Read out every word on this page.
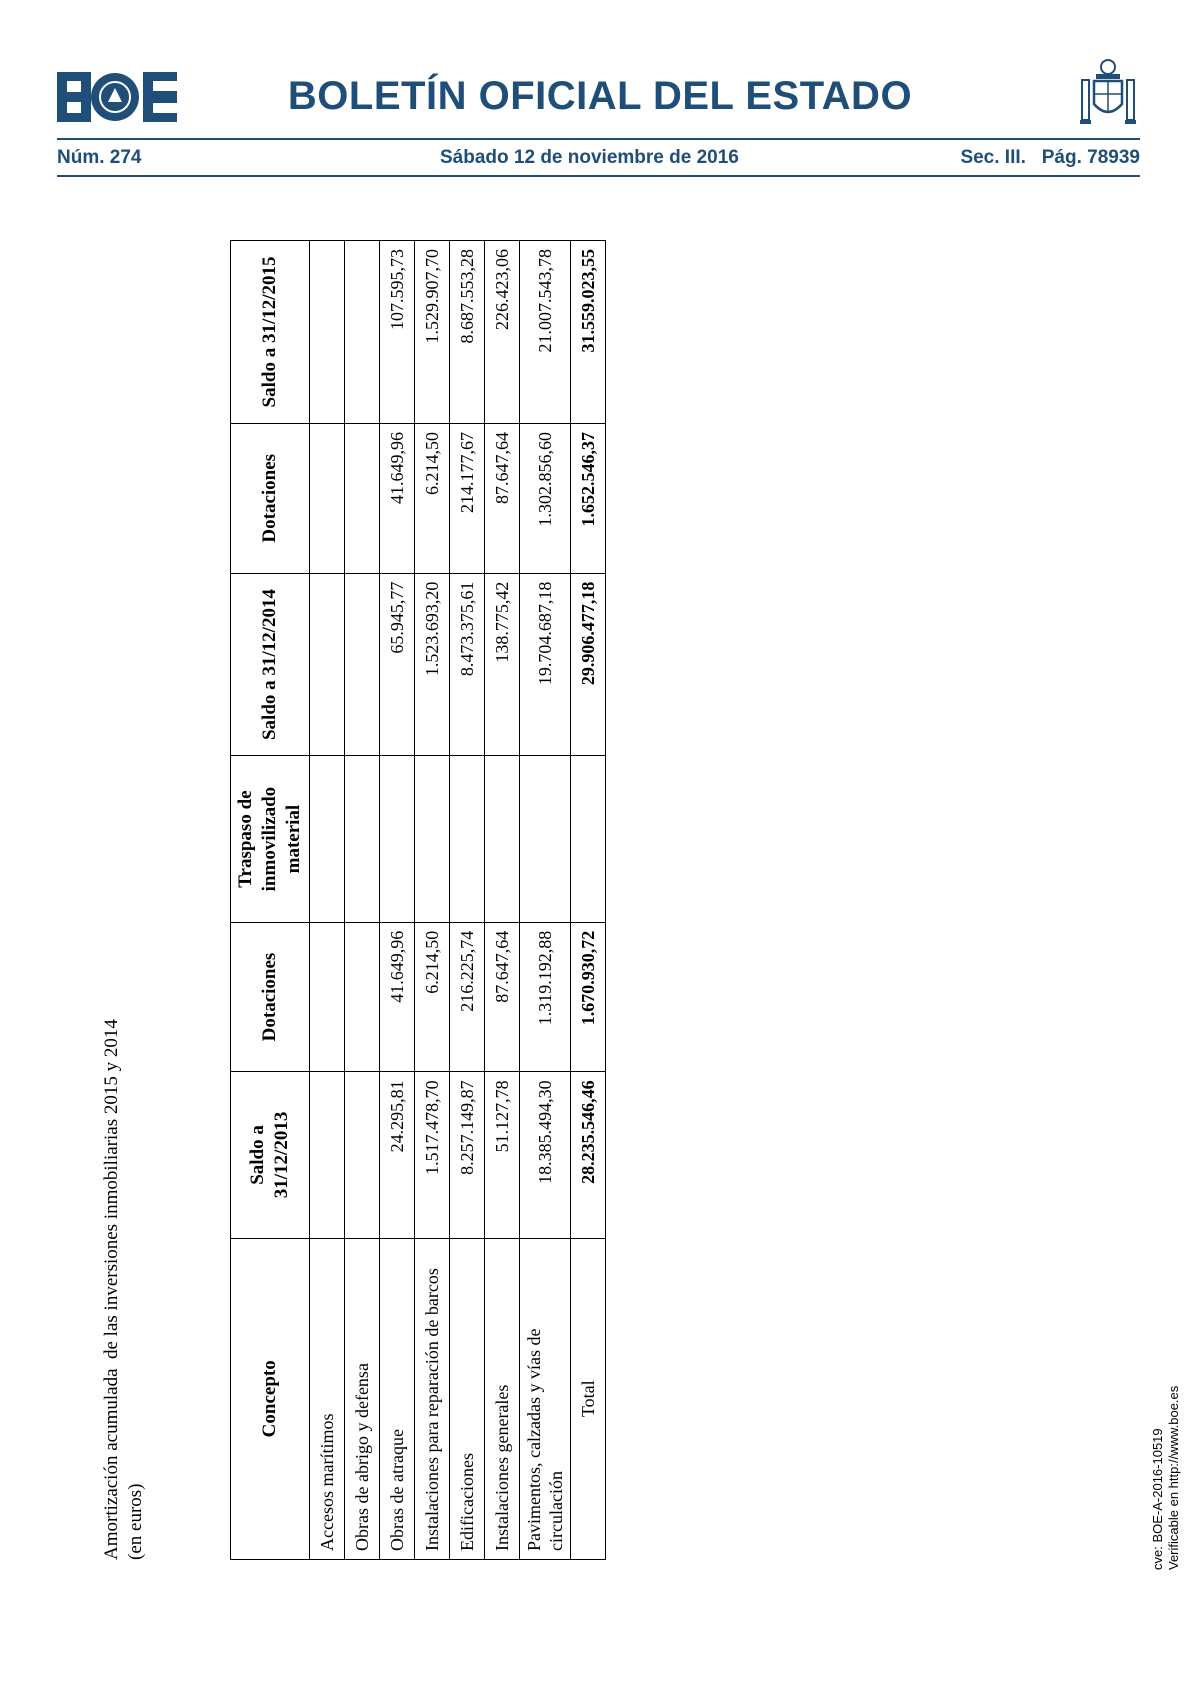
BOLETÍN OFICIAL DEL ESTADO
Núm. 274	Sábado 12 de noviembre de 2016	Sec. III.   Pág. 78939
Amortización acumulada  de las inversiones inmobiliarias 2015 y 2014 (en euros)
Concepto	Saldo a 31/12/2013	Dotaciones	Traspaso de inmovilizado material	Saldo a 31/12/2014	Dotaciones	Saldo a 31/12/2015
Accesos marítimos						
Obras de abrigo y defensa						
Obras de atraque	24.295,81	41.649,96		65.945,77	41.649,96	107.595,73
Instalaciones para reparación de barcos	1.517.478,70	6.214,50		1.523.693,20	6.214,50	1.529.907,70
Edificaciones	8.257.149,87	216.225,74		8.473.375,61	214.177,67	8.687.553,28
Instalaciones generales	51.127,78	87.647,64		138.775,42	87.647,64	226.423,06
Pavimentos, calzadas y vías de circulación	18.385.494,30	1.319.192,88		19.704.687,18	1.302.856,60	21.007.543,78
Total	28.235.546,46	1.670.930,72		29.906.477,18	1.652.546,37	31.559.023,55
cve: BOE-A-2016-10519 Verificable en http://www.boe.es
